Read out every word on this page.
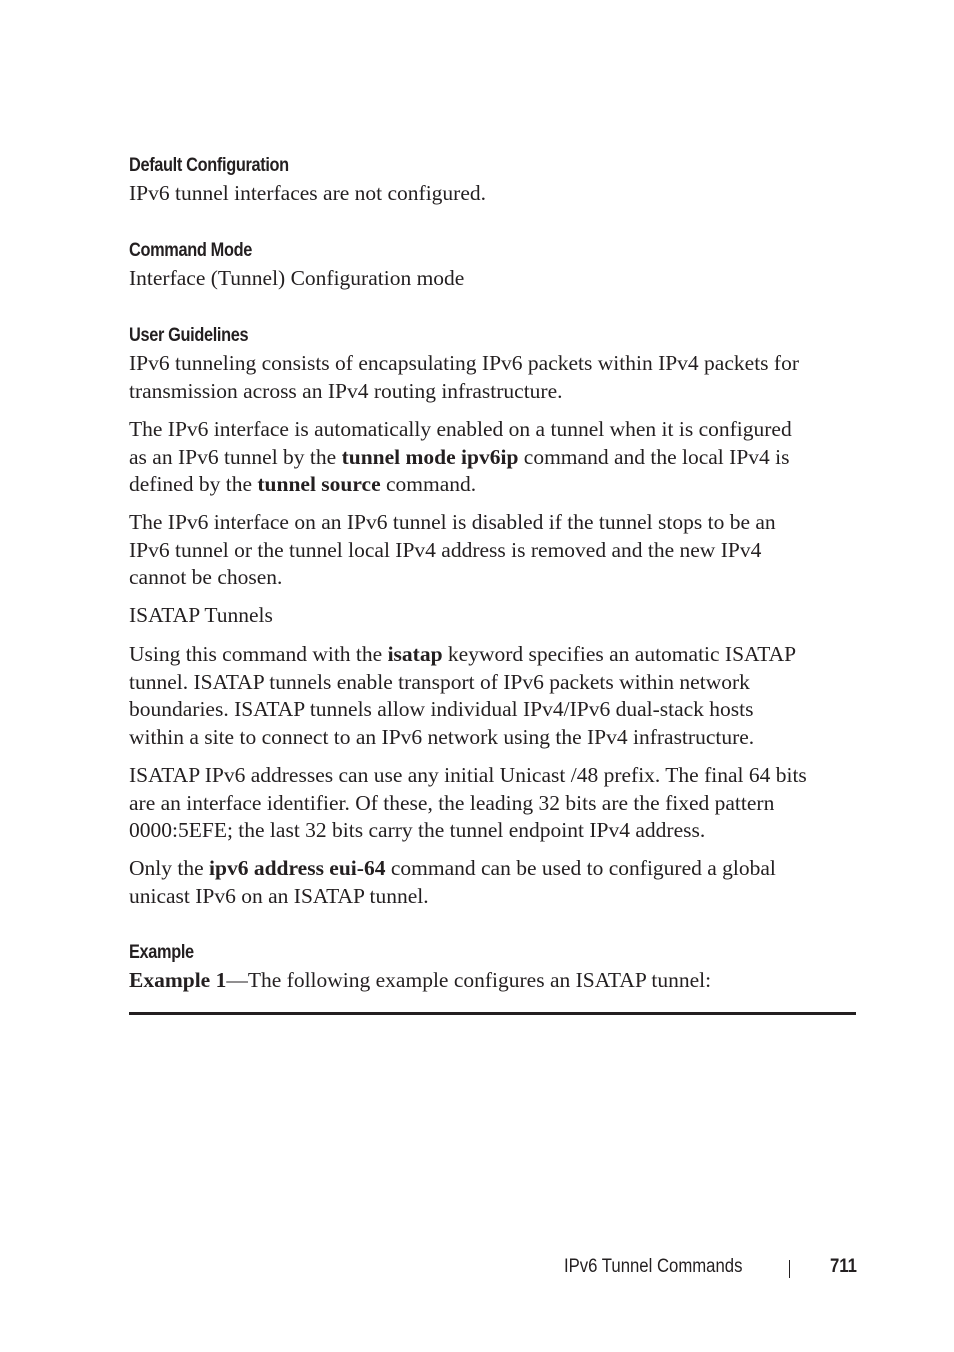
Default Configuration
IPv6 tunnel interfaces are not configured.
Command Mode
Interface (Tunnel) Configuration mode
User Guidelines
IPv6 tunneling consists of encapsulating IPv6 packets within IPv4 packets for
transmission across an IPv4 routing infrastructure.
The IPv6 interface is automatically enabled on a tunnel when it is configured
as an IPv6 tunnel by the tunnel mode ipv6ip command and the local IPv4 is
defined by the tunnel source command.
The IPv6 interface on an IPv6 tunnel is disabled if the tunnel stops to be an
IPv6 tunnel or the tunnel local IPv4 address is removed and the new IPv4
cannot be chosen.
ISATAP Tunnels
Using this command with the isatap keyword specifies an automatic ISATAP
tunnel. ISATAP tunnels enable transport of IPv6 packets within network
boundaries. ISATAP tunnels allow individual IPv4/IPv6 dual-stack hosts
within a site to connect to an IPv6 network using the IPv4 infrastructure.
ISATAP IPv6 addresses can use any initial Unicast /48 prefix. The final 64 bits
are an interface identifier. Of these, the leading 32 bits are the fixed pattern
0000:5EFE; the last 32 bits carry the tunnel endpoint IPv4 address.
Only the ipv6 address eui-64 command can be used to configured a global
unicast IPv6 on an ISATAP tunnel.
Example
Example 1—The following example configures an ISATAP tunnel:
IPv6 Tunnel Commands	711
